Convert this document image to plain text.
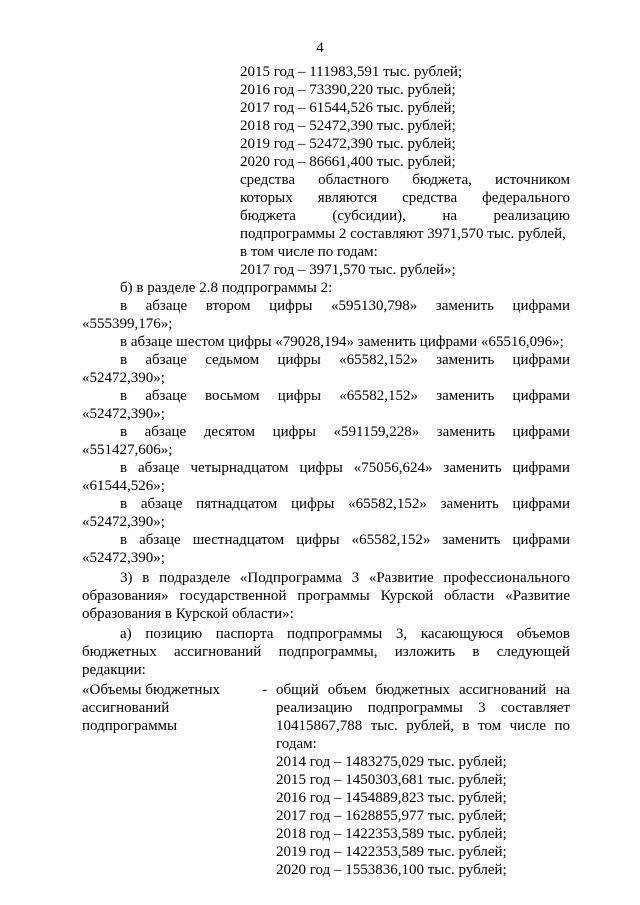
4
2015 год – 111983,591 тыс. рублей;
2016 год – 73390,220 тыс. рублей;
2017 год – 61544,526 тыс. рублей;
2018 год – 52472,390 тыс. рублей;
2019 год – 52472,390 тыс. рублей;
2020 год – 86661,400 тыс. рублей;
средства областного бюджета, источником
которых являются средства федерального
бюджета (субсидии), на реализацию
подпрограммы 2 составляют 3971,570 тыс. рублей,
в том числе по годам:
2017 год – 3971,570 тыс. рублей»;
б) в разделе 2.8 подпрограммы 2:
в абзаце втором цифры «595130,798» заменить цифрами
«555399,176»;
в абзаце шестом цифры «79028,194» заменить цифрами «65516,096»;
в абзаце седьмом цифры «65582,152» заменить цифрами
«52472,390»;
в абзаце восьмом цифры «65582,152» заменить цифрами
«52472,390»;
в абзаце десятом цифры «591159,228» заменить цифрами
«551427,606»;
в абзаце четырнадцатом цифры «75056,624» заменить цифрами
«61544,526»;
в абзаце пятнадцатом цифры «65582,152» заменить цифрами
«52472,390»;
в абзаце шестнадцатом цифры «65582,152» заменить цифрами
«52472,390»;
3) в подразделе «Подпрограмма 3 «Развитие профессионального
образования» государственной программы Курской области «Развитие
образования в Курской области»:
а) позицию паспорта подпрограммы 3, касающуюся объемов
бюджетных ассигнований подпрограммы, изложить в следующей
редакции:
«Объемы бюджетных
ассигнований
подпрограммы
- общий объем бюджетных ассигнований на
реализацию подпрограммы 3 составляет
10415867,788 тыс. рублей, в том числе по
годам:
2014 год – 1483275,029 тыс. рублей;
2015 год – 1450303,681 тыс. рублей;
2016 год – 1454889,823 тыс. рублей;
2017 год – 1628855,977 тыс. рублей;
2018 год – 1422353,589 тыс. рублей;
2019 год – 1422353,589 тыс. рублей;
2020 год – 1553836,100 тыс. рублей;
